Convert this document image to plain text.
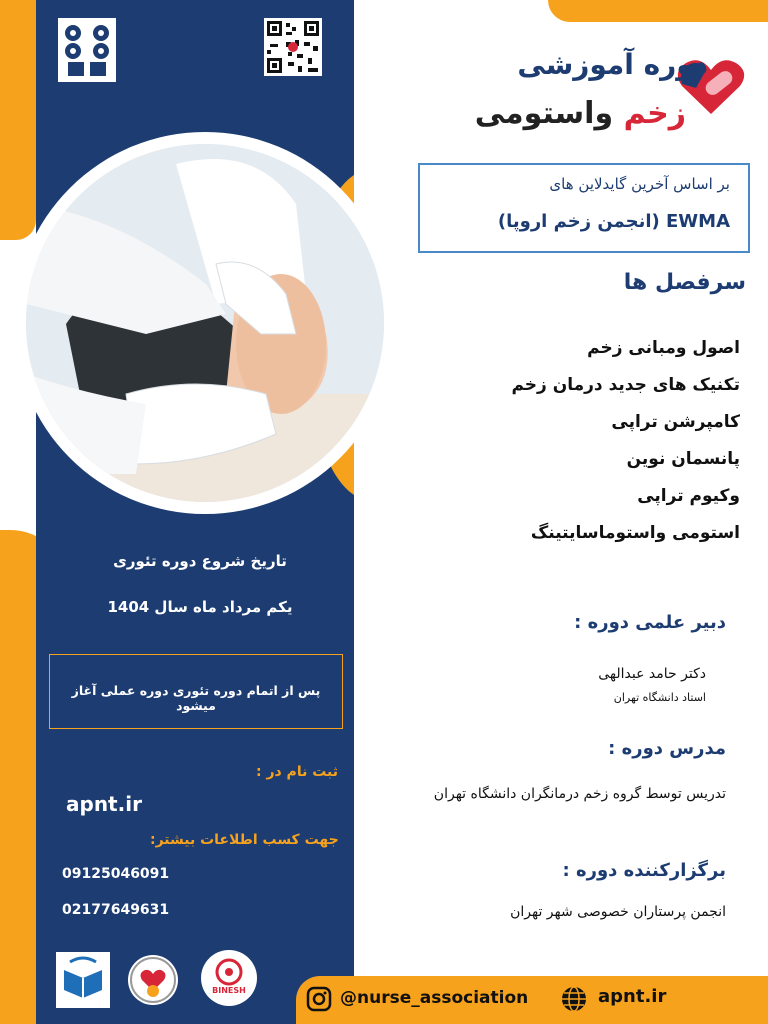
دوره آموزشی
زخم واستومی
بر اساس آخرین گایدلاین های
EWMA (انجمن زخم اروپا)
سرفصل ها
اصول ومبانی زخم
تکنیک های جدید درمان زخم
کامپرشن تراپی
پانسمان نوین
وکیوم تراپی
استومی واستوماسایتینگ
دبیر علمی دوره :
دکتر حامد عبدالهی
استاد دانشگاه تهران
مدرس دوره :
تدریس توسط گروه زخم درمانگران دانشگاه تهران
برگزارکننده دوره :
انجمن پرستاران خصوصی شهر تهران
تاریخ شروع دوره تئوری
یکم مرداد ماه سال 1404
پس از اتمام دوره تئوری دوره عملی آغاز میشود
ثبت نام در :
apnt.ir
جهت کسب اطلاعات بیشتر:
09125046091
02177649631
BINESH	@nurse_association	apnt.ir
